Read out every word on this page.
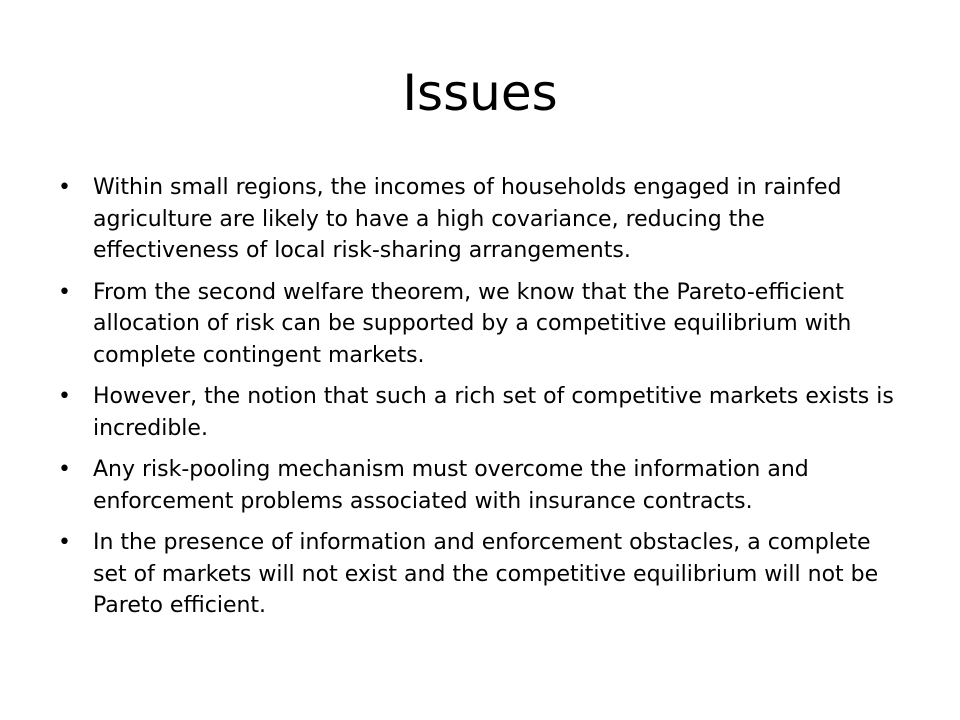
Issues
•	Within small regions, the incomes of households engaged in rainfed agriculture are likely to have a high covariance, reducing the effectiveness of local risk-sharing arrangements.
•	From the second welfare theorem, we know that the Pareto-efficient allocation of risk can be supported by a competitive equilibrium with complete contingent markets.
•	However, the notion that such a rich set of competitive markets exists is incredible.
•	Any risk-pooling mechanism must overcome the information and enforcement problems associated with insurance contracts.
•	In the presence of information and enforcement obstacles, a complete set of markets will not exist and the competitive equilibrium will not be Pareto efficient.
